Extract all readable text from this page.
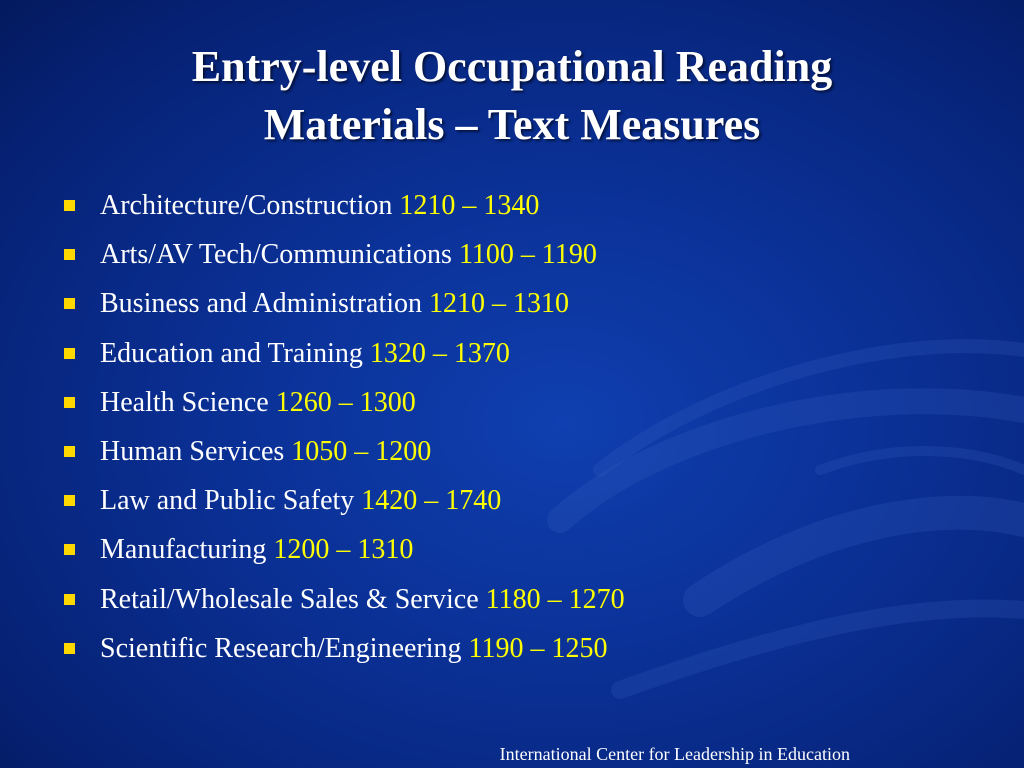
Entry-level Occupational Reading
Materials – Text Measures
Architecture/Construction 1210 – 1340
Arts/AV Tech/Communications 1100 – 1190
Business and Administration 1210 – 1310
Education and Training 1320 – 1370
Health Science 1260 – 1300
Human Services 1050 – 1200
Law and Public Safety 1420 – 1740
Manufacturing 1200 – 1310
Retail/Wholesale Sales & Service 1180 – 1270
Scientific Research/Engineering 1190 – 1250
International Center for Leadership in Education
